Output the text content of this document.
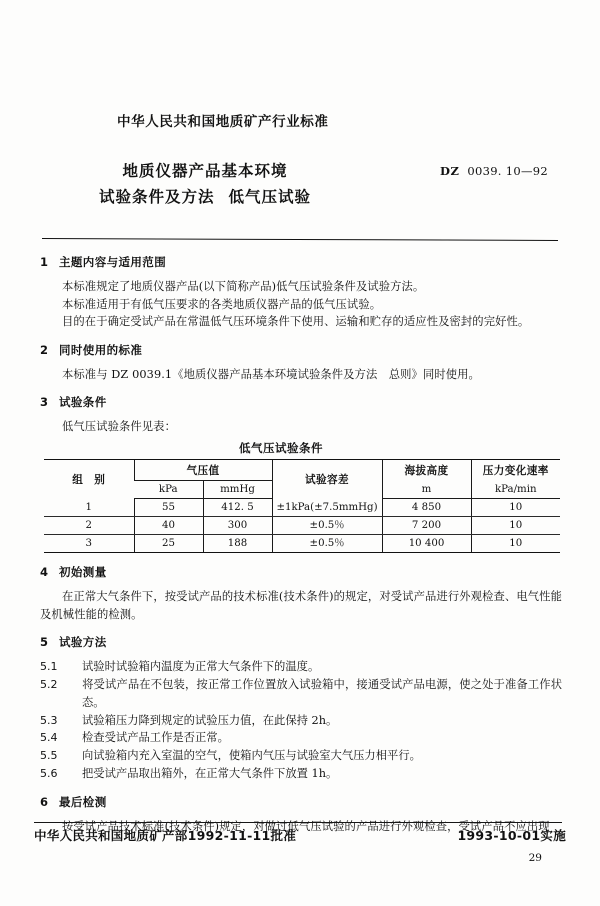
中华人民共和国地质矿产行业标准
地质仪器产品基本环境
试验条件及方法 低气压试验
DZ 0039. 10—92
1 主题内容与适用范围

本标准规定了地质仪器产品(以下简称产品)低气压试验条件及试验方法。

本标准适用于有低气压要求的各类地质仪器产品的低气压试验。

目的在于确定受试产品在常温低气压环境条件下使用、运输和贮存的适应性及密封的完好性。

2 同时使用的标准

本标准与 DZ 0039.1《地质仪器产品基本环境试验条件及方法　总则》同时使用。

3 试验条件

低气压试验条件见表：

低气压试验条件
组　别	气压值		试验容差	海拔高度	压力变化速率
	kPa	mmHg		m	kPa/min
1	55	412. 5	±1kPa(±7.5mmHg)	4 850	10
2	40	300	±0.5％	7 200	10
3	25	188	±0.5％	10 400	10
4 初始测量

在正常大气条件下，按受试产品的技术标准(技术条件)的规定，对受试产品进行外观检查、电气性能及机械性能的检测。

5 试验方法

5.1 试验时试验箱内温度为正常大气条件下的温度。

5.2 将受试产品在不包装，按正常工作位置放入试验箱中，接通受试产品电源，使之处于准备工作状态。

5.3 试验箱压力降到规定的试验压力值，在此保持 2h。

5.4 检查受试产品工作是否正常。

5.5 向试验箱内充入室温的空气，使箱内气压与试验室大气压力相平行。

5.6 把受试产品取出箱外，在正常大气条件下放置 1h。

6 最后检测

按受试产品技术标准(技术条件)规定，对做过低气压试验的产品进行外观检查，受试产品不应出现

中华人民共和国地质矿产部1992-11-11批准	1993-10-01实施
29
